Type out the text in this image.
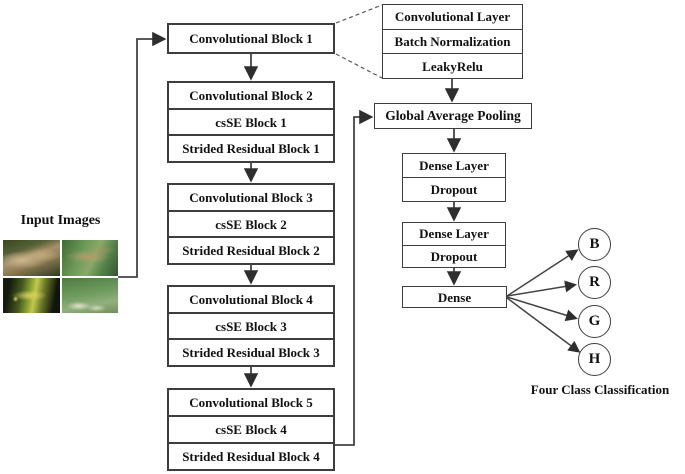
Input Images
Convolutional Block 1
Convolutional Block 2
csSE Block 1
Strided Residual Block 1
Convolutional Block 3
csSE Block 2
Strided Residual Block 2
Convolutional Block 4
csSE Block 3
Strided Residual Block 3
Convolutional Block 5
csSE Block 4
Strided Residual Block 4
Convolutional Layer
Batch Normalization
LeakyRelu
Global Average Pooling
Dense Layer
Dropout
Dense Layer
Dropout
Dense
B
R
G
H
Four Class Classification
